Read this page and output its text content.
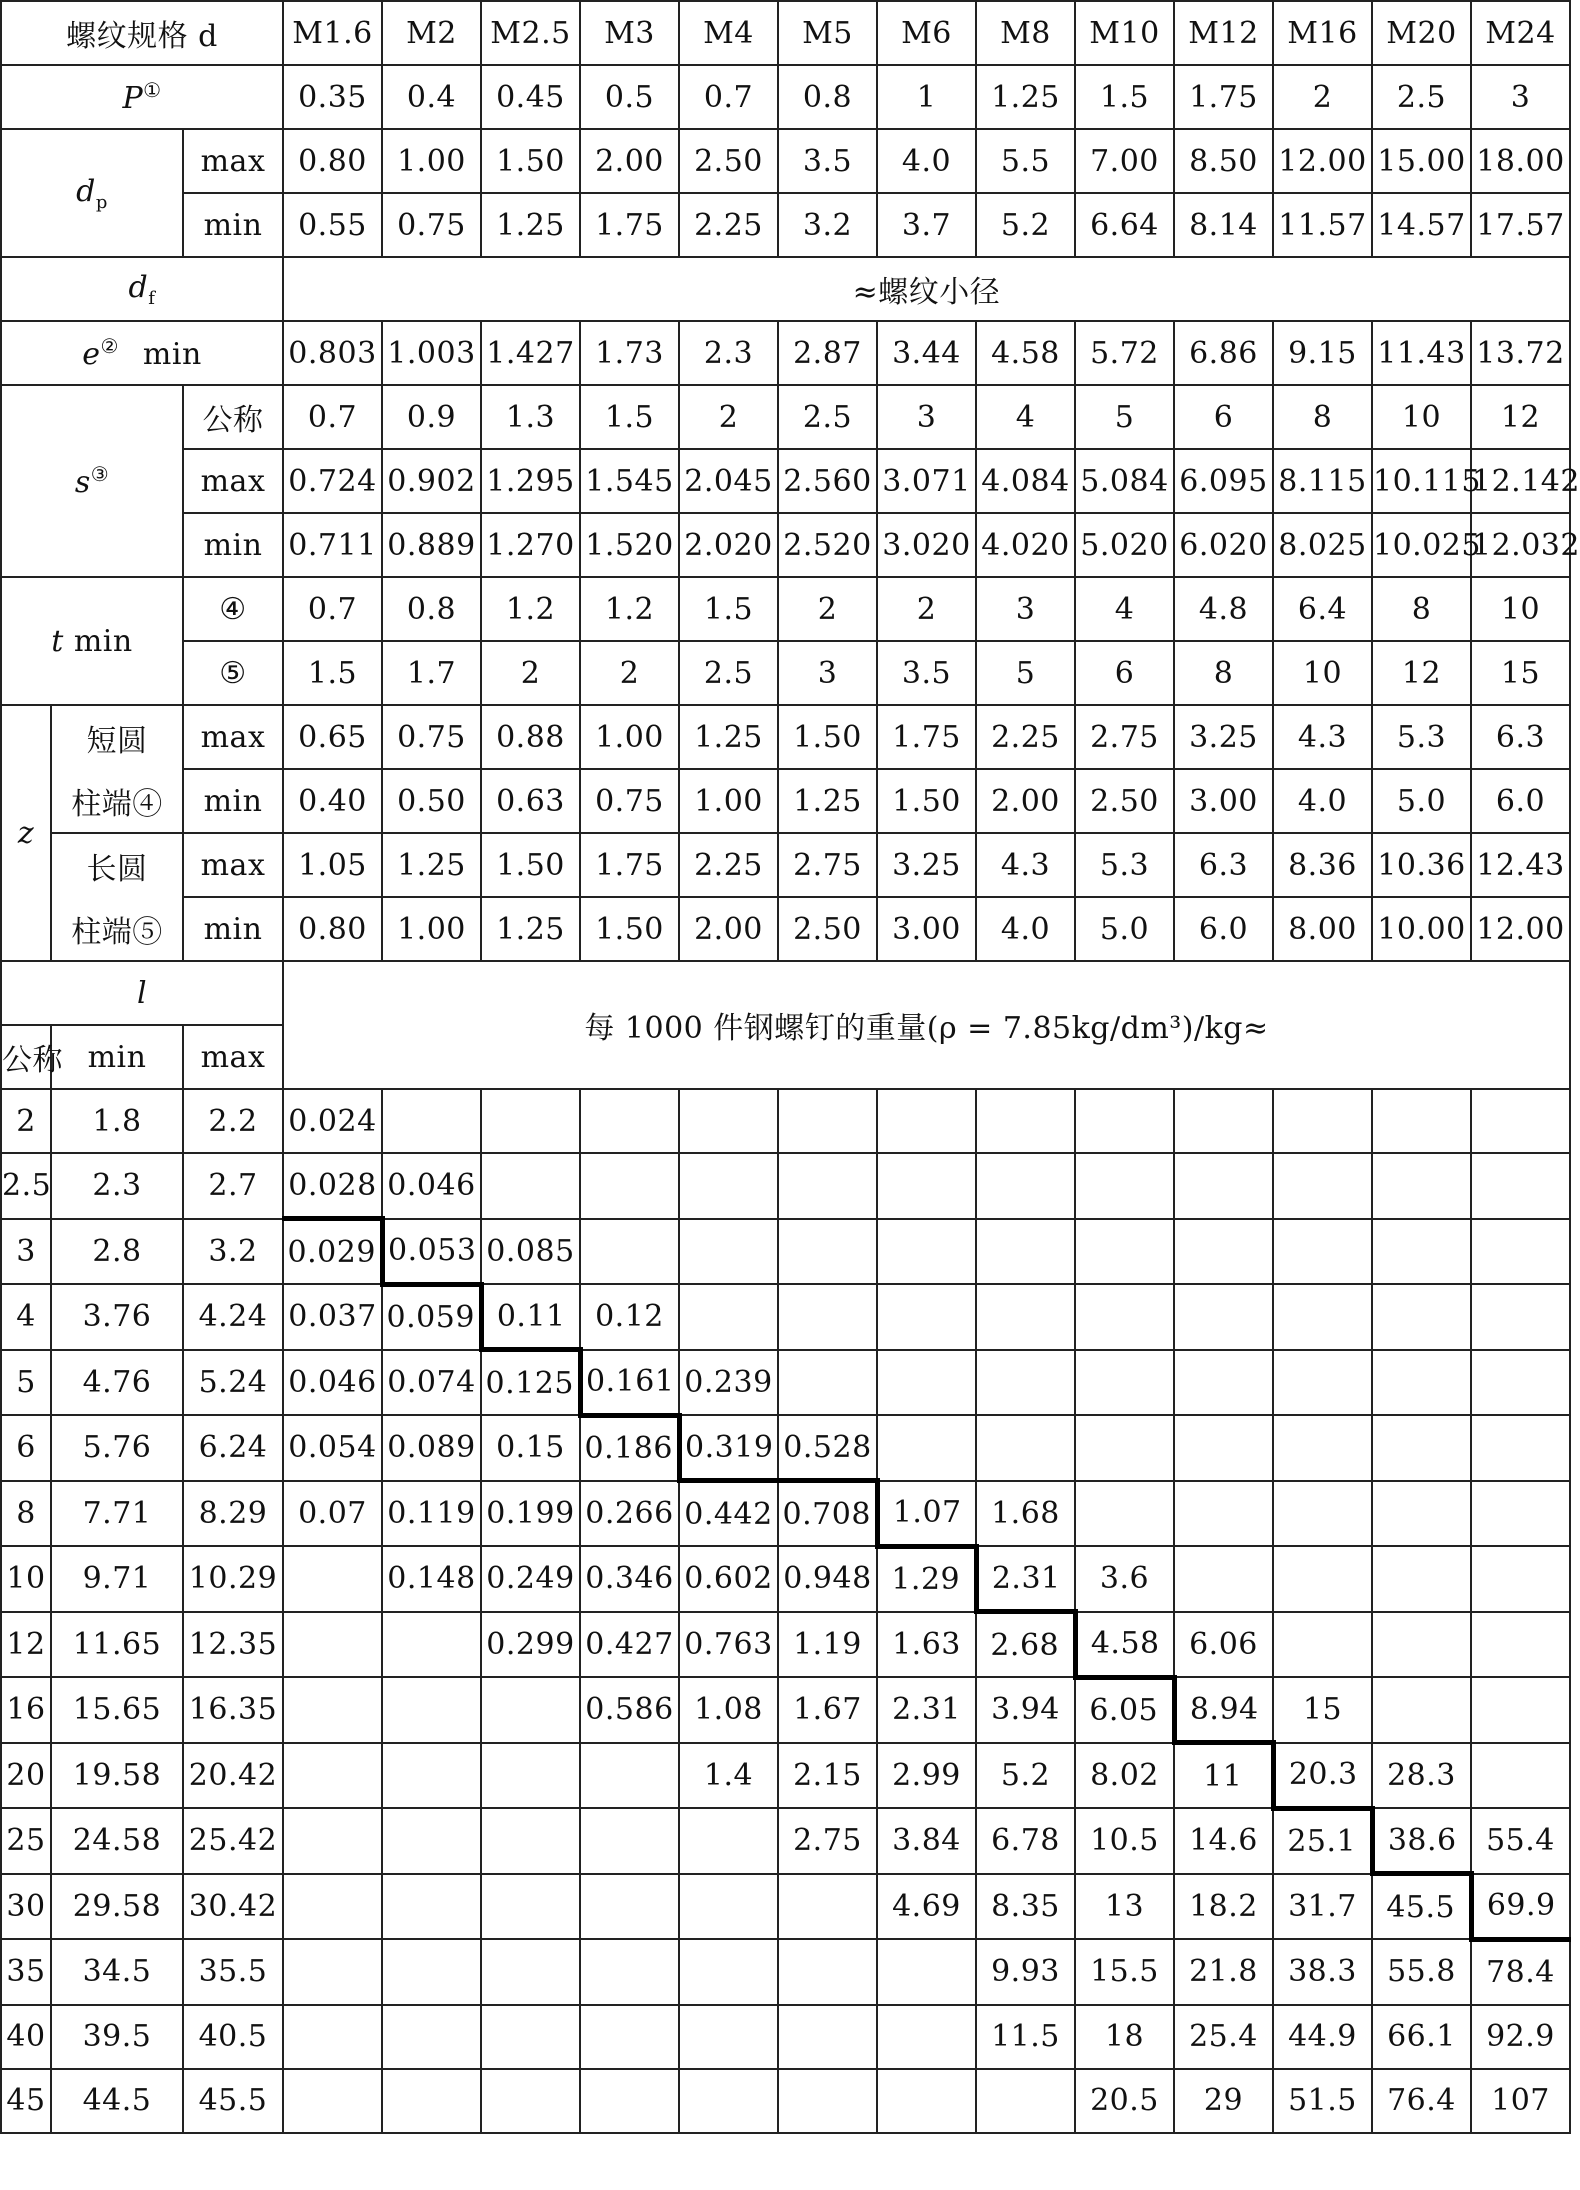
螺纹规格 d			M1.6	M2	M2.5	M3	M4	M5	M6	M8	M10	M12	M16	M20	M24
P①			0.35	0.4	0.45	0.5	0.7	0.8	1	1.25	1.5	1.75	2	2.5	3
$d_p$		max	0.80	1.00	1.50	2.00	2.50	3.5	4.0	5.5	7.00	8.50	12.00	15.00	18.00
		min	0.55	0.75	1.25	1.75	2.25	3.2	3.7	5.2	6.64	8.14	11.57	14.57	17.57
$d_f$			≈螺纹小径												
e② min			0.803	1.003	1.427	1.73	2.3	2.87	3.44	4.58	5.72	6.86	9.15	11.43	13.72
s③		公称	0.7	0.9	1.3	1.5	2	2.5	3	4	5	6	8	10	12
		max	0.724	0.902	1.295	1.545	2.045	2.560	3.071	4.084	5.084	6.095	8.115	10.115	12.142
		min	0.711	0.889	1.270	1.520	2.020	2.520	3.020	4.020	5.020	6.020	8.025	10.025	12.032
t min		④	0.7	0.8	1.2	1.2	1.5	2	2	3	4	4.8	6.4	8	10
		⑤	1.5	1.7	2	2	2.5	3	3.5	5	6	8	10	12	15
z	短圆	max	0.65	0.75	0.88	1.00	1.25	1.50	1.75	2.25	2.75	3.25	4.3	5.3	6.3
	柱端④	min	0.40	0.50	0.63	0.75	1.00	1.25	1.50	2.00	2.50	3.00	4.0	5.0	6.0
	长圆	max	1.05	1.25	1.50	1.75	2.25	2.75	3.25	4.3	5.3	6.3	8.36	10.36	12.43
	柱端⑤	min	0.80	1.00	1.25	1.50	2.00	2.50	3.00	4.0	5.0	6.0	8.00	10.00	12.00
l			每 1000 件钢螺钉的重量(ρ = 7.85kg/dm³)/kg≈												
公称	min	max													
2	1.8	2.2	0.024												
2.5	2.3	2.7	0.028	0.046											
3	2.8	3.2	0.029	0.053	0.085										
4	3.76	4.24	0.037	0.059	0.11	0.12									
5	4.76	5.24	0.046	0.074	0.125	0.161	0.239								
6	5.76	6.24	0.054	0.089	0.15	0.186	0.319	0.528							
8	7.71	8.29	0.07	0.119	0.199	0.266	0.442	0.708	1.07	1.68					
10	9.71	10.29		0.148	0.249	0.346	0.602	0.948	1.29	2.31	3.6				
12	11.65	12.35			0.299	0.427	0.763	1.19	1.63	2.68	4.58	6.06			
16	15.65	16.35				0.586	1.08	1.67	2.31	3.94	6.05	8.94	15		
20	19.58	20.42					1.4	2.15	2.99	5.2	8.02	11	20.3	28.3	
25	24.58	25.42						2.75	3.84	6.78	10.5	14.6	25.1	38.6	55.4
30	29.58	30.42							4.69	8.35	13	18.2	31.7	45.5	69.9
35	34.5	35.5								9.93	15.5	21.8	38.3	55.8	78.4
40	39.5	40.5								11.5	18	25.4	44.9	66.1	92.9
45	44.5	45.5									20.5	29	51.5	76.4	107
